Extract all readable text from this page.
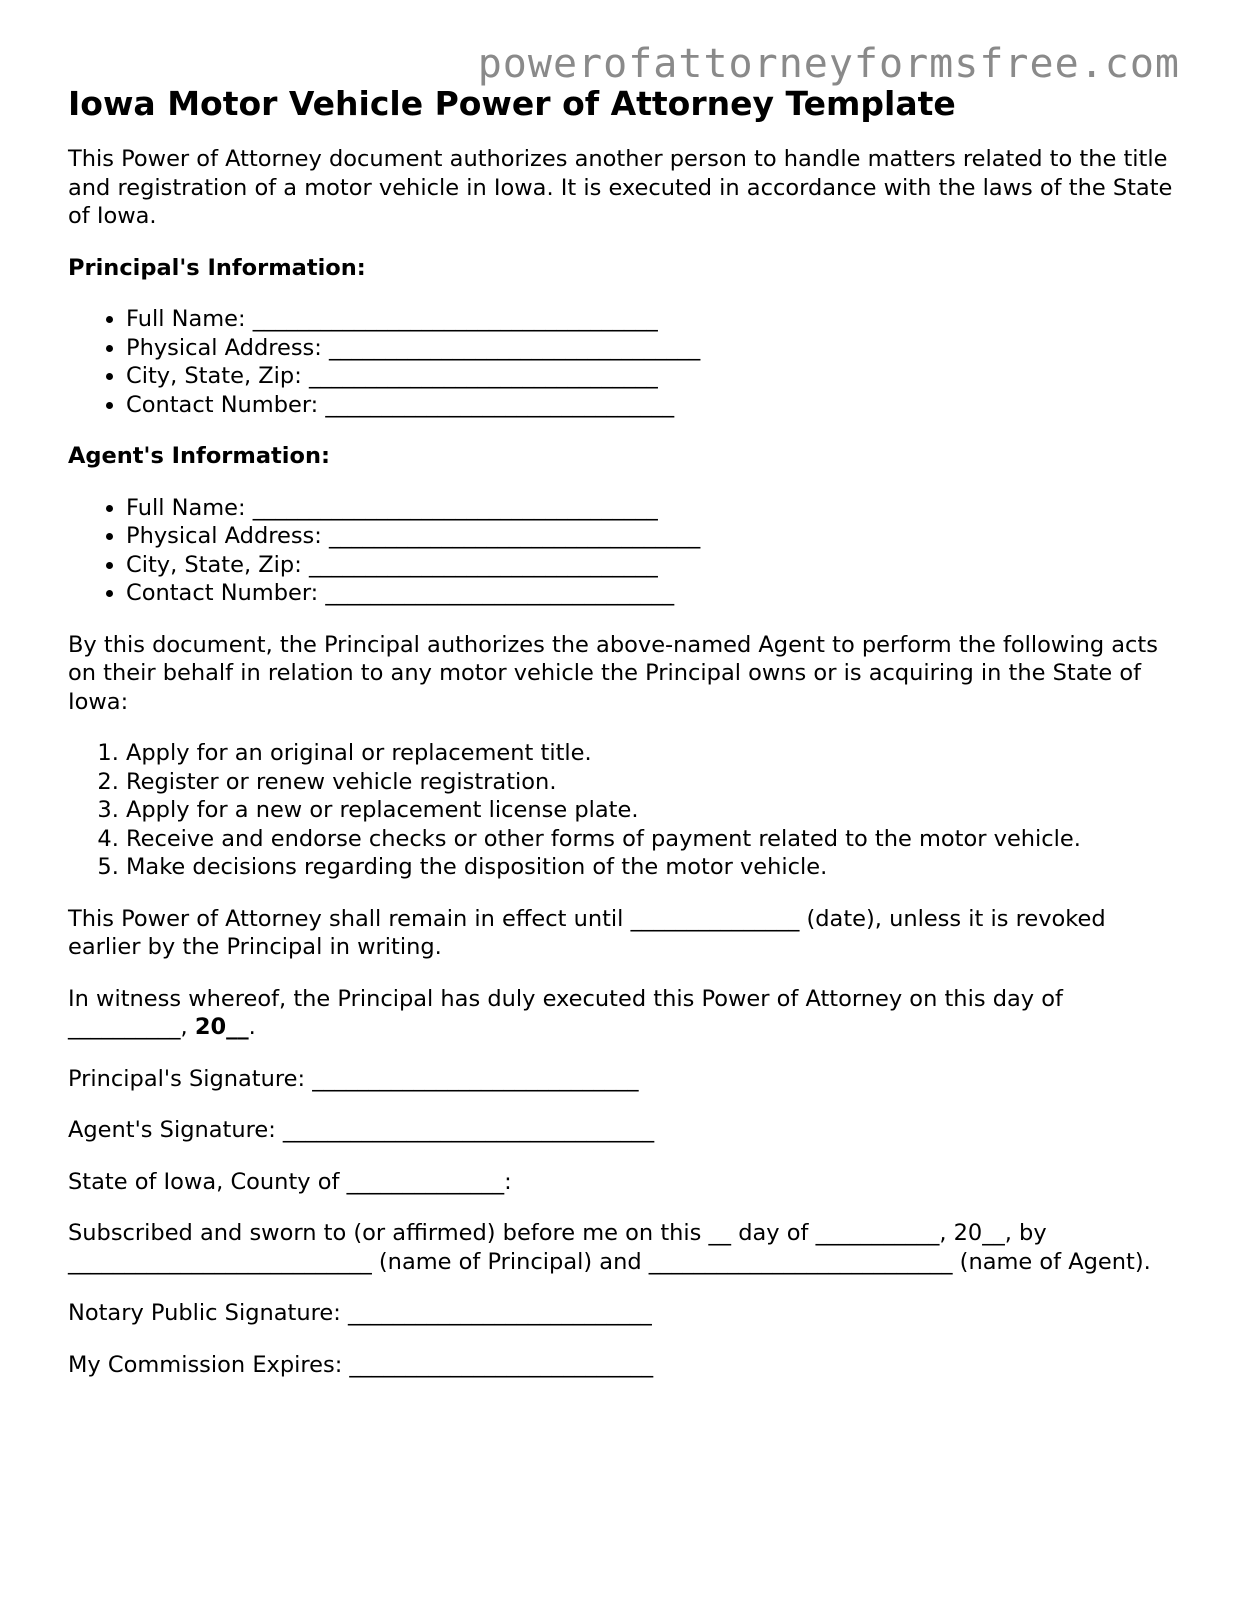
powerofattorneyformsfree.com
Iowa Motor Vehicle Power of Attorney Template

This Power of Attorney document authorizes another person to handle matters related to the title and registration of a motor vehicle in Iowa. It is executed in accordance with the laws of the State of Iowa.

Principal's Information:
• Full Name: ____________________________________
• Physical Address: _________________________________
• City, State, Zip: _______________________________
• Contact Number: _______________________________
Agent's Information:
• Full Name: ____________________________________
• Physical Address: _________________________________
• City, State, Zip: _______________________________
• Contact Number: _______________________________

By this document, the Principal authorizes the above-named Agent to perform the following acts on their behalf in relation to any motor vehicle the Principal owns or is acquiring in the State of Iowa:

1. Apply for an original or replacement title.
2. Register or renew vehicle registration.
3. Apply for a new or replacement license plate.
4. Receive and endorse checks or other forms of payment related to the motor vehicle.
5. Make decisions regarding the disposition of the motor vehicle.

This Power of Attorney shall remain in effect until _______________ (date), unless it is revoked earlier by the Principal in writing.

In witness whereof, the Principal has duly executed this Power of Attorney on this day of __________, 20__.

Principal's Signature: _____________________________

Agent's Signature: _________________________________

State of Iowa, County of ______________:

Subscribed and sworn to (or affirmed) before me on this __ day of ___________, 20__, by ___________________________ (name of Principal) and ___________________________ (name of Agent).

Notary Public Signature: ___________________________

My Commission Expires: ___________________________
